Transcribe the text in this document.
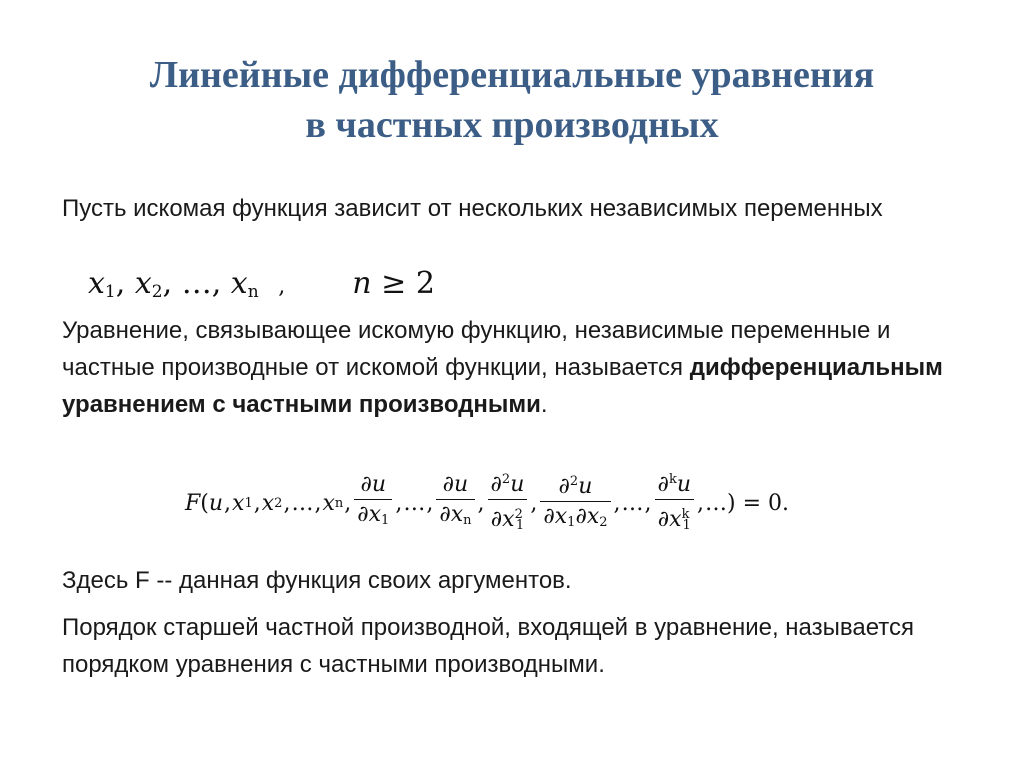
Линейные дифференциальные уравнения
в частных производных
Пусть искомая функция зависит от нескольких независимых переменных
$x_1$, $x_2$, …, $x_n$ , n ≥ 2
Уравнение, связывающее искомую функцию, независимые переменные и частные производные от искомой функции, называется дифференциальным уравнением с частными производными.
F ( u , x 1 , x 2 , … , x n , $\frac{\partial u}{\partial x_1}$ , … , $\frac{\partial u}{\partial x_n}$ , $\frac{\partial^2u}{\partial x^2_1}$ , $\frac{\partial^2u}{\partial x_1\partial x_2}$ , … , $\frac{\partial^ku}{\partial x^k_1}$ , … ) = 0.
Здесь F -- данная функция своих аргументов.
Порядок старшей частной производной, входящей в уравнение, называется порядком уравнения с частными производными.
